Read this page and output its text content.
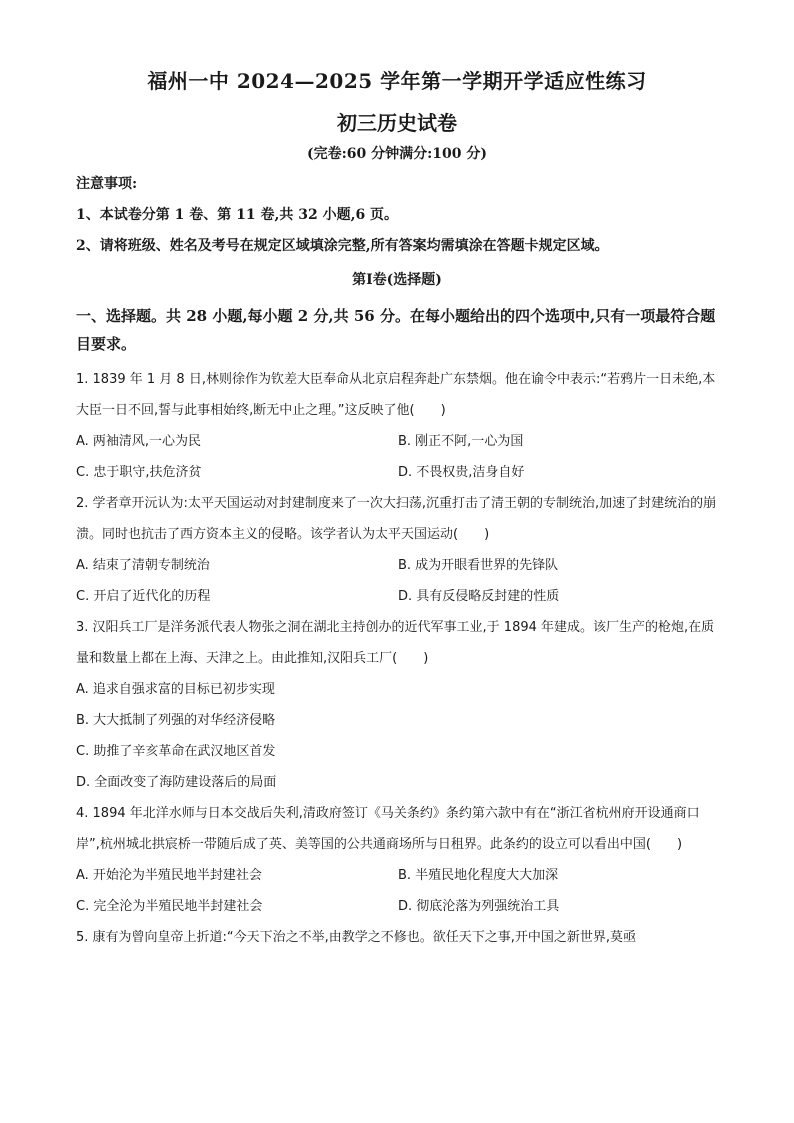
福州一中 2024—2025 学年第一学期开学适应性练习
初三历史试卷
(完卷:60 分钟满分:100 分)
注意事项:
1、本试卷分第 1 卷、第 11 卷,共 32 小题,6 页。
2、请将班级、姓名及考号在规定区域填涂完整,所有答案均需填涂在答题卡规定区域。
第Ⅰ卷(选择题)
一、选择题。共 28 小题,每小题 2 分,共 56 分。在每小题给出的四个选项中,只有一项最符合题目要求。

1. 1839 年 1 月 8 日,林则徐作为钦差大臣奉命从北京启程奔赴广东禁烟。他在谕令中表示:“若鸦片一日未绝,本大臣一日不回,誓与此事相始终,断无中止之理。”这反映了他(　　)

A. 两袖清风,一心为民	B. 刚正不阿,一心为国
C. 忠于职守,扶危济贫	D. 不畏权贵,洁身自好

2. 学者章开沅认为:太平天国运动对封建制度来了一次大扫荡,沉重打击了清王朝的专制统治,加速了封建统治的崩溃。同时也抗击了西方资本主义的侵略。该学者认为太平天国运动(　　)

A. 结束了清朝专制统治	B. 成为开眼看世界的先锋队
C. 开启了近代化的历程	D. 具有反侵略反封建的性质

3. 汉阳兵工厂是洋务派代表人物张之洞在湖北主持创办的近代军事工业,于 1894 年建成。该厂生产的枪炮,在质量和数量上都在上海、天津之上。由此推知,汉阳兵工厂(　　)

A. 追求自强求富的目标已初步实现
B. 大大抵制了列强的对华经济侵略
C. 助推了辛亥革命在武汉地区首发
D. 全面改变了海防建设落后的局面

4. 1894 年北洋水师与日本交战后失利,清政府签订《马关条约》条约第六款中有在“浙江省杭州府开设通商口岸”,杭州城北拱宸桥一带随后成了英、美等国的公共通商场所与日租界。此条约的设立可以看出中国(　　)

A. 开始沦为半殖民地半封建社会	B. 半殖民地化程度大大加深
C. 完全沦为半殖民地半封建社会	D. 彻底沦落为列强统治工具

5. 康有为曾向皇帝上折道:“今天下治之不举,由教学之不修也。欲任天下之事,开中国之新世界,莫亟
